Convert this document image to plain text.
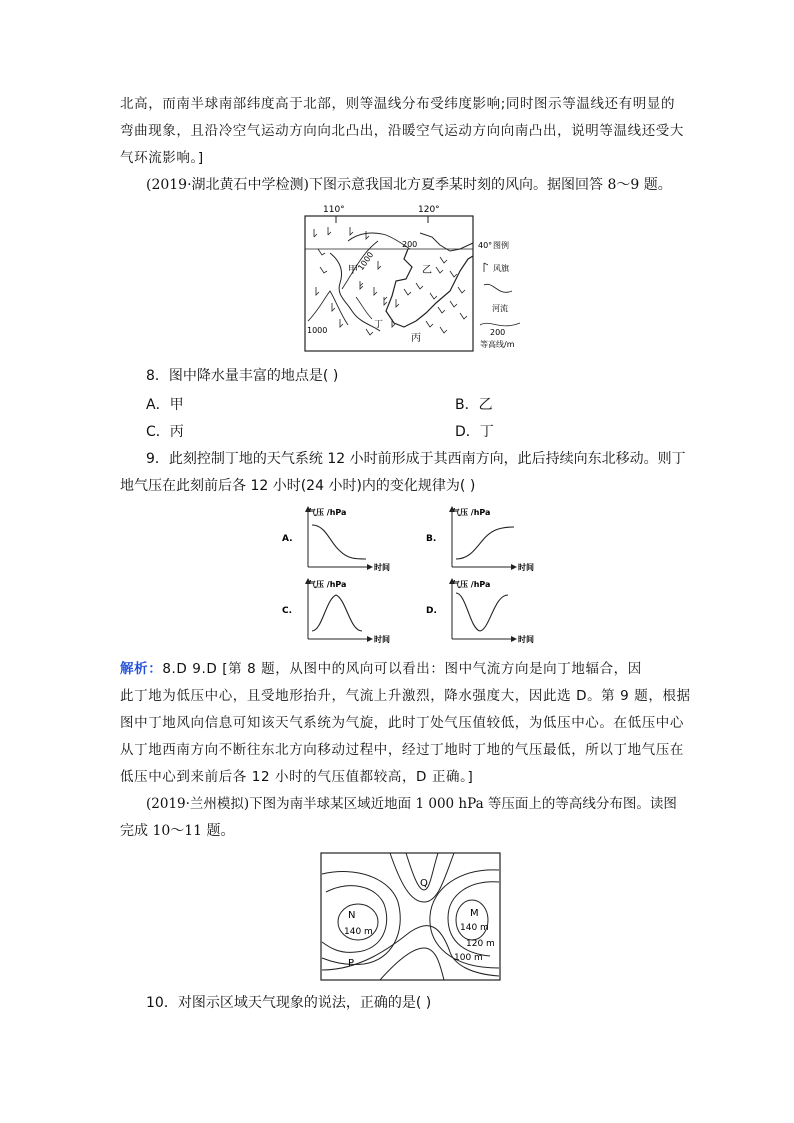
北高，而南半球南部纬度高于北部，则等温线分布受纬度影响;同时图示等温线还有明显的
弯曲现象，且沿冷空气运动方向向北凸出，沿暖空气运动方向向南凸出，说明等温线还受大
气环流影响。]
(2019·湖北黄石中学检测)下图示意我国北方夏季某时刻的风向。据图回答 8～9 题。
110°	120°
40°
200
1000
1000
甲	乙
丙
丁
图例
风旗
河流
200
等高线/m
8．图中降水量丰富的地点是( )
A．甲	B．乙
C．丙	D．丁
9．此刻控制丁地的天气系统 12 小时前形成于其西南方向，此后持续向东北移动。则丁
地气压在此刻前后各 12 小时(24 小时)内的变化规律为( )
A.
气压 /hPa
时间
B.
气压 /hPa
时间
C.
气压 /hPa
时间
D.
气压 /hPa
时间
解析：8.D 9.D [第 8 题，从图中的风向可以看出：图中气流方向是向丁地辐合，因
此丁地为低压中心，且受地形抬升，气流上升激烈，降水强度大，因此选 D。第 9 题，根据
图中丁地风向信息可知该天气系统为气旋，此时丁处气压值较低，为低压中心。在低压中心
从丁地西南方向不断往东北方向移动过程中，经过丁地时丁地的气压最低，所以丁地气压在
低压中心到来前后各 12 小时的气压值都较高，D 正确。]
(2019·兰州模拟)下图为南半球某区域近地面 1 000 hPa 等压面上的等高线分布图。读图
完成 10～11 题。
N
140 m
Q
P
M
140 m
120 m
100 m
10．对图示区域天气现象的说法，正确的是( )
